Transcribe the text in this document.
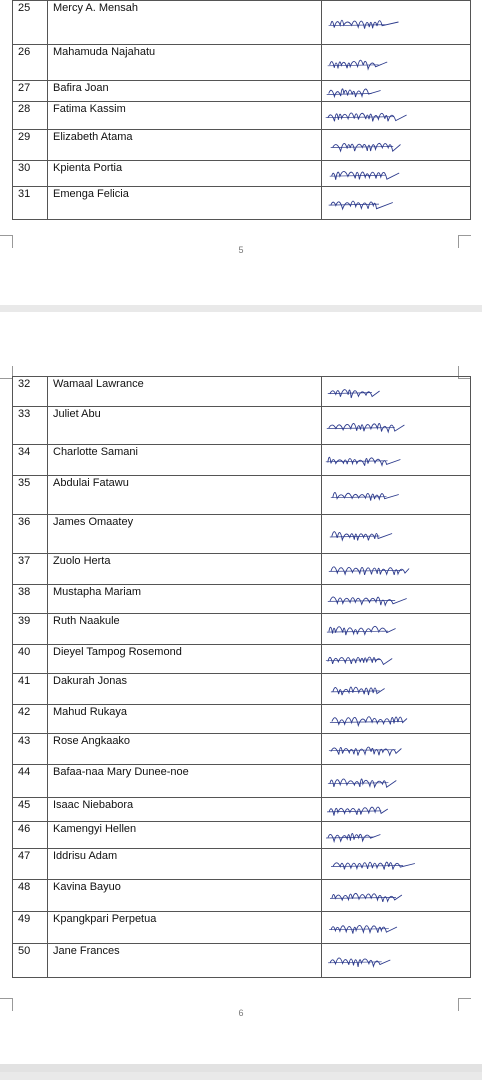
25	Mercy A. Mensah	

26	Mahamuda Najahatu	

27	Bafira Joan	

28	Fatima Kassim	

29	Elizabeth Atama	

30	Kpienta Portia	

31	Emenga Felicia	
5
32	Wamaal Lawrance	

33	Juliet Abu	

34	Charlotte Samani	

35	Abdulai Fatawu	

36	James Omaatey	

37	Zuolo Herta	

38	Mustapha Mariam	

39	Ruth Naakule	

40	Dieyel Tampog Rosemond	

41	Dakurah Jonas	

42	Mahud Rukaya	

43	Rose Angkaako	

44	Bafaa-naa Mary Dunee-noe	

45	Isaac Niebabora	

46	Kamengyi Hellen	

47	Iddrisu Adam	

48	Kavina Bayuo	

49	Kpangkpari Perpetua	

50	Jane Frances	
6
